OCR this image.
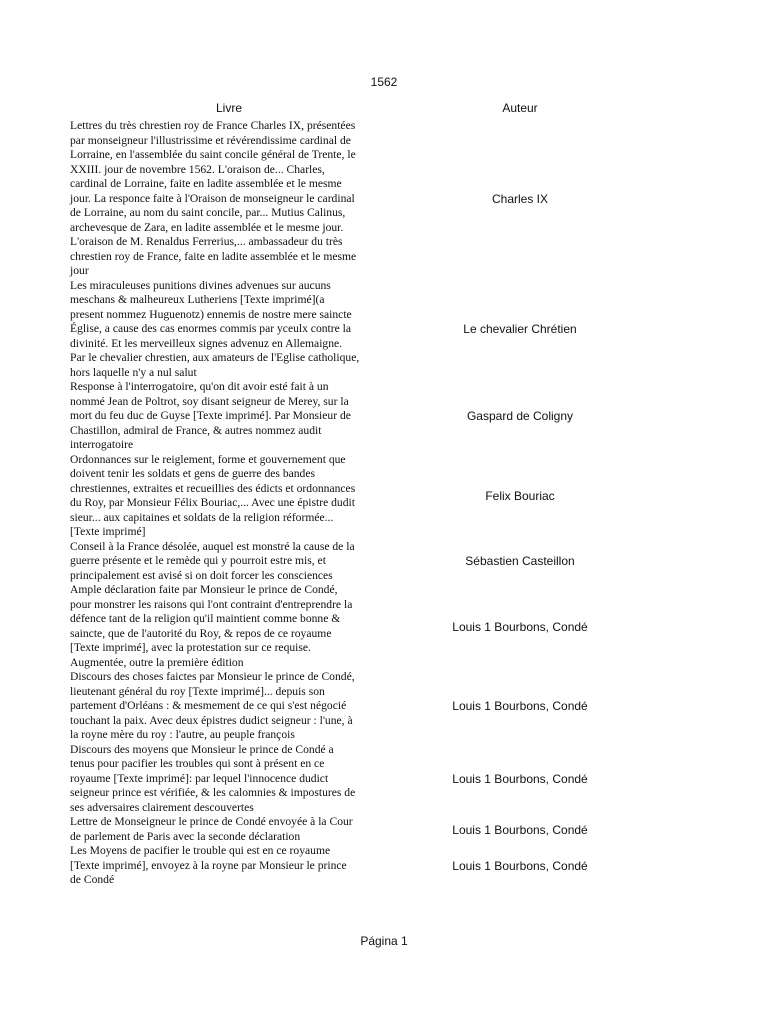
1562
Livre	Auteur
Lettres du très chrestien roy de France Charles IX, présentées
par monseigneur l'illustrissime et révérendissime cardinal de
Lorraine, en l'assemblée du saint concile général de Trente, le
XXIII. jour de novembre 1562. L'oraison de... Charles,
cardinal de Lorraine, faite en ladite assemblée et le mesme
jour. La responce faite à l'Oraison de monseigneur le cardinal
de Lorraine, au nom du saint concile, par... Mutius Calinus,
archevesque de Zara, en ladite assemblée et le mesme jour.
L'oraison de M. Renaldus Ferrerius,... ambassadeur du très
chrestien roy de France, faite en ladite assemblée et le mesme
jour
Charles IX
Les miraculeuses punitions divines advenues sur aucuns
meschans & malheureux Lutheriens [Texte imprimé](a
present nommez Huguenotz) ennemis de nostre mere saincte
Église, a cause des cas enormes commis par yceulx contre la
divinité. Et les merveilleux signes advenuz en Allemaigne.
Par le chevalier chrestien, aux amateurs de l'Eglise catholique,
hors laquelle n'y a nul salut
Le chevalier Chrétien
Response à l'interrogatoire, qu'on dit avoir esté fait à un
nommé Jean de Poltrot, soy disant seigneur de Merey, sur la
mort du feu duc de Guyse [Texte imprimé]. Par Monsieur de
Chastillon, admiral de France, & autres nommez audit
interrogatoire
Gaspard de Coligny
Ordonnances sur le reiglement, forme et gouvernement que
doivent tenir les soldats et gens de guerre des bandes
chrestiennes, extraites et recueillies des édicts et ordonnances
du Roy, par Monsieur Félix Bouriac,... Avec une épistre dudit
sieur... aux capitaines et soldats de la religion réformée...
[Texte imprimé]
Felix Bouriac
Conseil à la France désolée, auquel est monstré la cause de la
guerre présente et le remède qui y pourroit estre mis, et
principalement est avisé si on doit forcer les consciences
Sébastien Casteillon
Ample déclaration faite par Monsieur le prince de Condé,
pour monstrer les raisons qui l'ont contraint d'entreprendre la
défence tant de la religion qu'il maintient comme bonne &
saincte, que de l'autorité du Roy, & repos de ce royaume
[Texte imprimé], avec la protestation sur ce requise.
Augmentée, outre la première édition
Louis 1 Bourbons, Condé
Discours des choses faictes par Monsieur le prince de Condé,
lieutenant général du roy [Texte imprimé]... depuis son
partement d'Orléans : & mesmement de ce qui s'est négocié
touchant la paix. Avec deux épistres dudict seigneur : l'une, à
la royne mère du roy : l'autre, au peuple françois
Louis 1 Bourbons, Condé
Discours des moyens que Monsieur le prince de Condé a
tenus pour pacifier les troubles qui sont à présent en ce
royaume [Texte imprimé]: par lequel l'innocence dudict
seigneur prince est vérifiée, & les calomnies & impostures de
ses adversaires clairement descouvertes
Louis 1 Bourbons, Condé
Lettre de Monseigneur le prince de Condé envoyée à la Cour
de parlement de Paris avec la seconde déclaration	Louis 1 Bourbons, Condé
Les Moyens de pacifier le trouble qui est en ce royaume
[Texte imprimé], envoyez à la royne par Monsieur le prince
de Condé
Louis 1 Bourbons, Condé
Página 1
